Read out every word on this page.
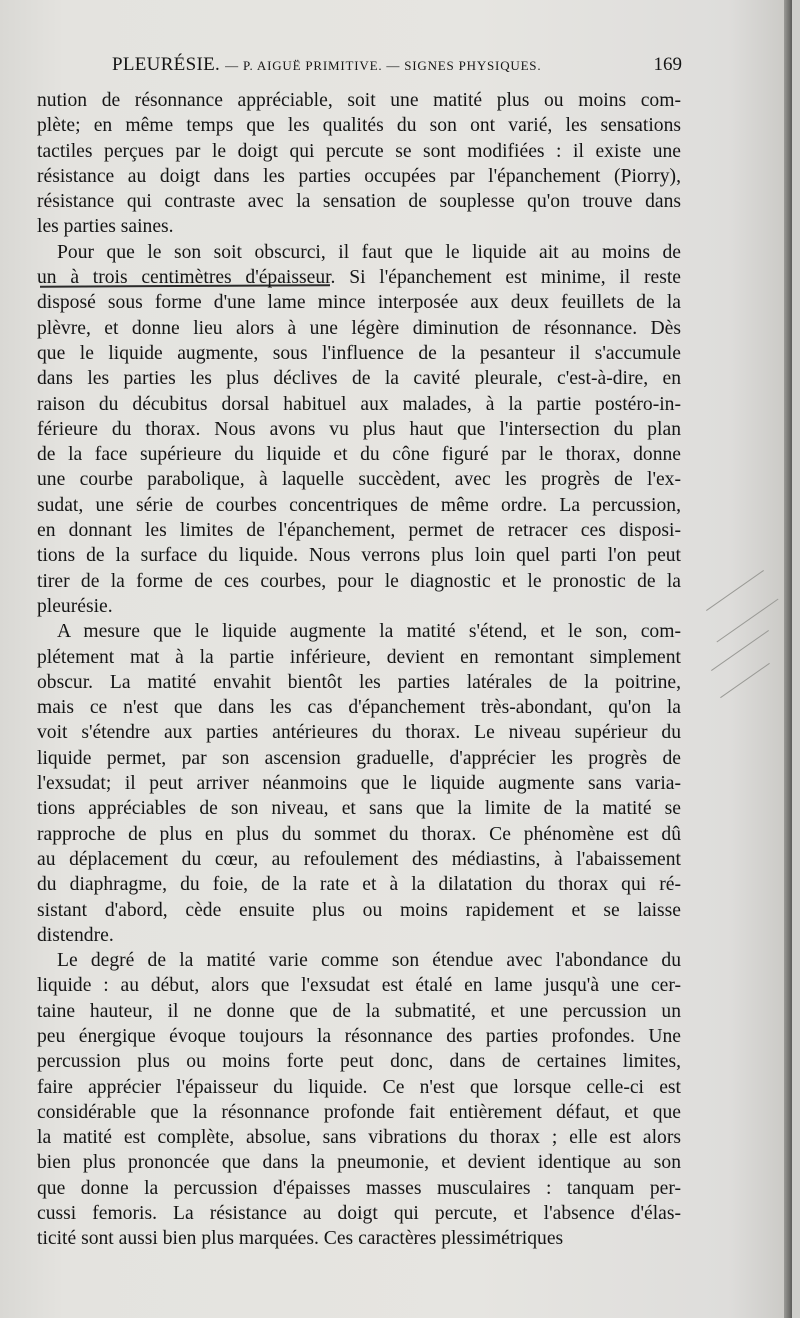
PLEURÉSIE. — P. AIGUË PRIMITIVE. — SIGNES PHYSIQUES.	169
nution de résonnance appréciable, soit une matité plus ou moins com-
plète; en même temps que les qualités du son ont varié, les sensations
tactiles perçues par le doigt qui percute se sont modifiées : il existe une
résistance au doigt dans les parties occupées par l'épanchement (Piorry),
résistance qui contraste avec la sensation de souplesse qu'on trouve dans
les parties saines.
Pour que le son soit obscurci, il faut que le liquide ait au moins de
un à trois centimètres d'épaisseur. Si l'épanchement est minime, il reste
disposé sous forme d'une lame mince interposée aux deux feuillets de la
plèvre, et donne lieu alors à une légère diminution de résonnance. Dès
que le liquide augmente, sous l'influence de la pesanteur il s'accumule
dans les parties les plus déclives de la cavité pleurale, c'est-à-dire, en
raison du décubitus dorsal habituel aux malades, à la partie postéro-in-
férieure du thorax. Nous avons vu plus haut que l'intersection du plan
de la face supérieure du liquide et du cône figuré par le thorax, donne
une courbe parabolique, à laquelle succèdent, avec les progrès de l'ex-
sudat, une série de courbes concentriques de même ordre. La percussion,
en donnant les limites de l'épanchement, permet de retracer ces disposi-
tions de la surface du liquide. Nous verrons plus loin quel parti l'on peut
tirer de la forme de ces courbes, pour le diagnostic et le pronostic de la
pleurésie.
A mesure que le liquide augmente la matité s'étend, et le son, com-
plétement mat à la partie inférieure, devient en remontant simplement
obscur. La matité envahit bientôt les parties latérales de la poitrine,
mais ce n'est que dans les cas d'épanchement très-abondant, qu'on la
voit s'étendre aux parties antérieures du thorax. Le niveau supérieur du
liquide permet, par son ascension graduelle, d'apprécier les progrès de
l'exsudat; il peut arriver néanmoins que le liquide augmente sans varia-
tions appréciables de son niveau, et sans que la limite de la matité se
rapproche de plus en plus du sommet du thorax. Ce phénomène est dû
au déplacement du cœur, au refoulement des médiastins, à l'abaissement
du diaphragme, du foie, de la rate et à la dilatation du thorax qui ré-
sistant d'abord, cède ensuite plus ou moins rapidement et se laisse
distendre.
Le degré de la matité varie comme son étendue avec l'abondance du
liquide : au début, alors que l'exsudat est étalé en lame jusqu'à une cer-
taine hauteur, il ne donne que de la submatité, et une percussion un
peu énergique évoque toujours la résonnance des parties profondes. Une
percussion plus ou moins forte peut donc, dans de certaines limites,
faire apprécier l'épaisseur du liquide. Ce n'est que lorsque celle-ci est
considérable que la résonnance profonde fait entièrement défaut, et que
la matité est complète, absolue, sans vibrations du thorax ; elle est alors
bien plus prononcée que dans la pneumonie, et devient identique au son
que donne la percussion d'épaisses masses musculaires : tanquam per-
cussi femoris. La résistance au doigt qui percute, et l'absence d'élas-
ticité sont aussi bien plus marquées. Ces caractères plessimétriques
